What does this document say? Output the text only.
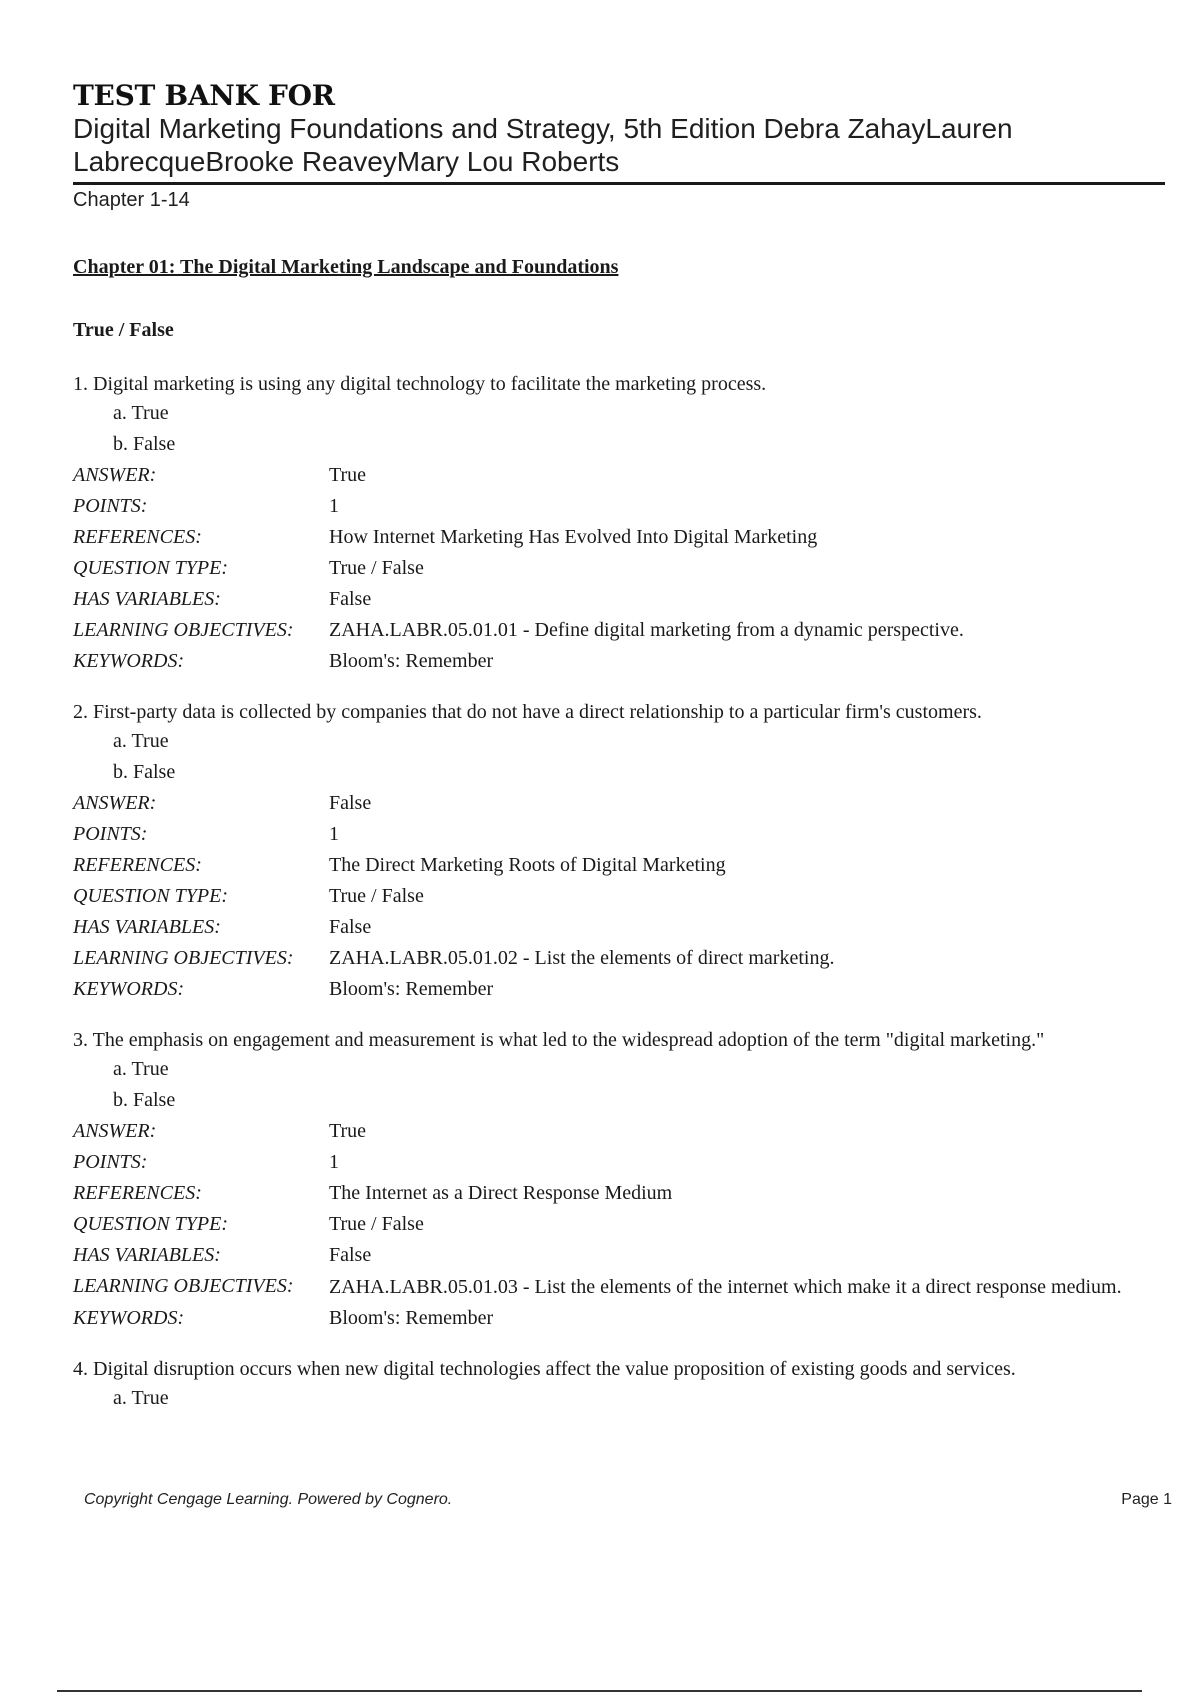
TEST BANK FOR
Digital Marketing Foundations and Strategy, 5th Edition Debra ZahayLauren
LabrecqueBrooke ReaveyMary Lou Roberts
Chapter 1-14
Chapter 01: The Digital Marketing Landscape and Foundations
True / False
1. Digital marketing is using any digital technology to facilitate the marketing process.
a. True
b. False
ANSWER:	True
POINTS:	1
REFERENCES:	How Internet Marketing Has Evolved Into Digital Marketing
QUESTION TYPE:	True / False
HAS VARIABLES:	False
LEARNING OBJECTIVES:	ZAHA.LABR.05.01.01 - Define digital marketing from a dynamic perspective.
KEYWORDS:	Bloom's: Remember
2. First-party data is collected by companies that do not have a direct relationship to a particular firm's customers.
a. True
b. False
ANSWER:	False
POINTS:	1
REFERENCES:	The Direct Marketing Roots of Digital Marketing
QUESTION TYPE:	True / False
HAS VARIABLES:	False
LEARNING OBJECTIVES:	ZAHA.LABR.05.01.02 - List the elements of direct marketing.
KEYWORDS:	Bloom's: Remember
3. The emphasis on engagement and measurement is what led to the widespread adoption of the term "digital marketing."
a. True
b. False
ANSWER:	True
POINTS:	1
REFERENCES:	The Internet as a Direct Response Medium
QUESTION TYPE:	True / False
HAS VARIABLES:	False
LEARNING OBJECTIVES:	ZAHA.LABR.05.01.03 - List the elements of the internet which make it a direct response medium.
KEYWORDS:	Bloom's: Remember
4. Digital disruption occurs when new digital technologies affect the value proposition of existing goods and services.
a. True
Copyright Cengage Learning. Powered by Cognero.	Page 1
